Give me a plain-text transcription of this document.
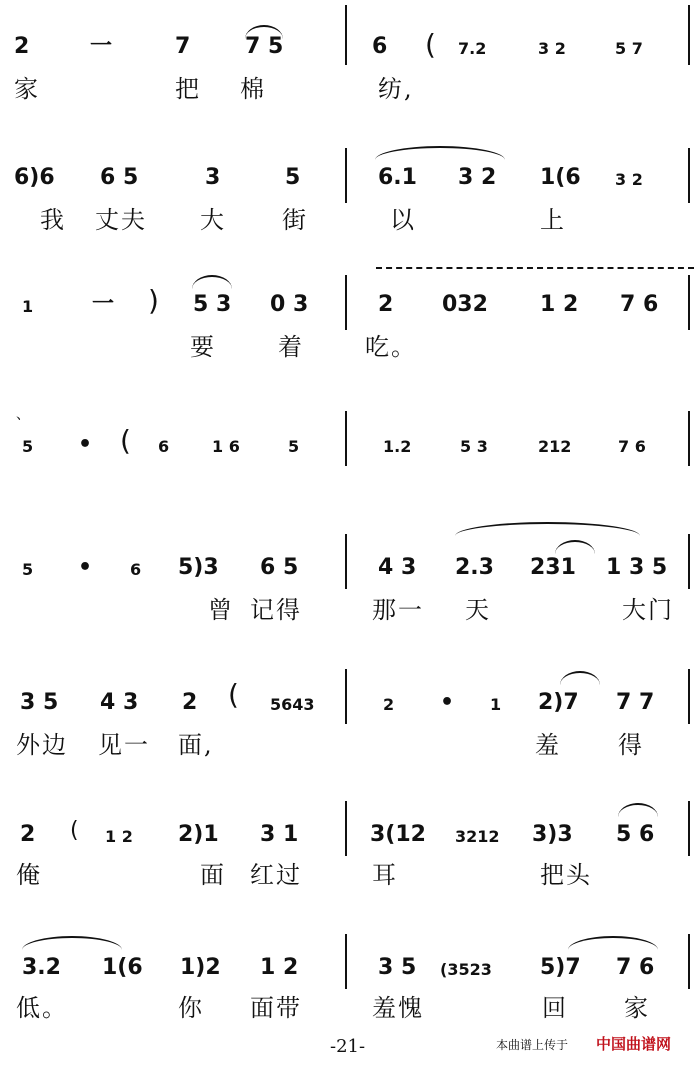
2	一	7 7 5	6 ( 7.2	3 2	5 7
家	把 棉	纺,
6)6 6 5	3	5	6.1 3 2 1(6 3 2
我 丈夫 大 街	以	上
1	一 ) 5 3 0 3	2 032 1 2 7 6
要	着	吃。
、
5 • ( 6	1 6	5	1.2	5 3	212	7 6
5 • 6 5)3 6 5	4 3 2.3 231 1 3 5
曾 记得	那一 天	大门
3 5 4 3 2 ( 5643	2 • 1 2)7 7 7
外边 见一 面,	羞 得
2 ( 1 2 2)1 3 1	3(12 3212 3)3 5 6
俺	面 红过	耳	把头
3.2 1(6 1)2 1 2	3 5 (3523 5)7 7 6
低。	你 面带	羞愧	回 家
-21-	本曲谱上传于 中国曲谱网
